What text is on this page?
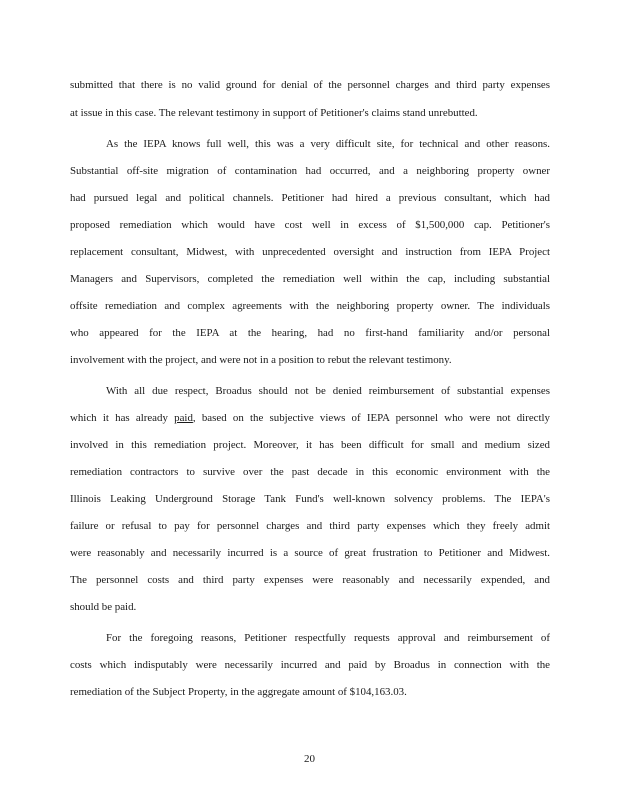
submitted that there is no valid ground for denial of the personnel charges and third party expenses
at issue in this case. The relevant testimony in support of Petitioner's claims stand unrebutted.
As the IEPA knows full well, this was a very difficult site, for technical and other reasons.
Substantial off-site migration of contamination had occurred, and a neighboring property owner
had pursued legal and political channels. Petitioner had hired a previous consultant, which had
proposed remediation which would have cost well in excess of $1,500,000 cap. Petitioner's
replacement consultant, Midwest, with unprecedented oversight and instruction from IEPA Project
Managers and Supervisors, completed the remediation well within the cap, including substantial
offsite remediation and complex agreements with the neighboring property owner. The individuals
who appeared for the IEPA at the hearing, had no first-hand familiarity and/or personal
involvement with the project, and were not in a position to rebut the relevant testimony.
With all due respect, Broadus should not be denied reimbursement of substantial expenses
which it has already paid, based on the subjective views of IEPA personnel who were not directly
involved in this remediation project. Moreover, it has been difficult for small and medium sized
remediation contractors to survive over the past decade in this economic environment with the
Illinois Leaking Underground Storage Tank Fund's well-known solvency problems. The IEPA's
failure or refusal to pay for personnel charges and third party expenses which they freely admit
were reasonably and necessarily incurred is a source of great frustration to Petitioner and Midwest.
The personnel costs and third party expenses were reasonably and necessarily expended, and
should be paid.
For the foregoing reasons, Petitioner respectfully requests approval and reimbursement of
costs which indisputably were necessarily incurred and paid by Broadus in connection with the
remediation of the Subject Property, in the aggregate amount of $104,163.03.
20
